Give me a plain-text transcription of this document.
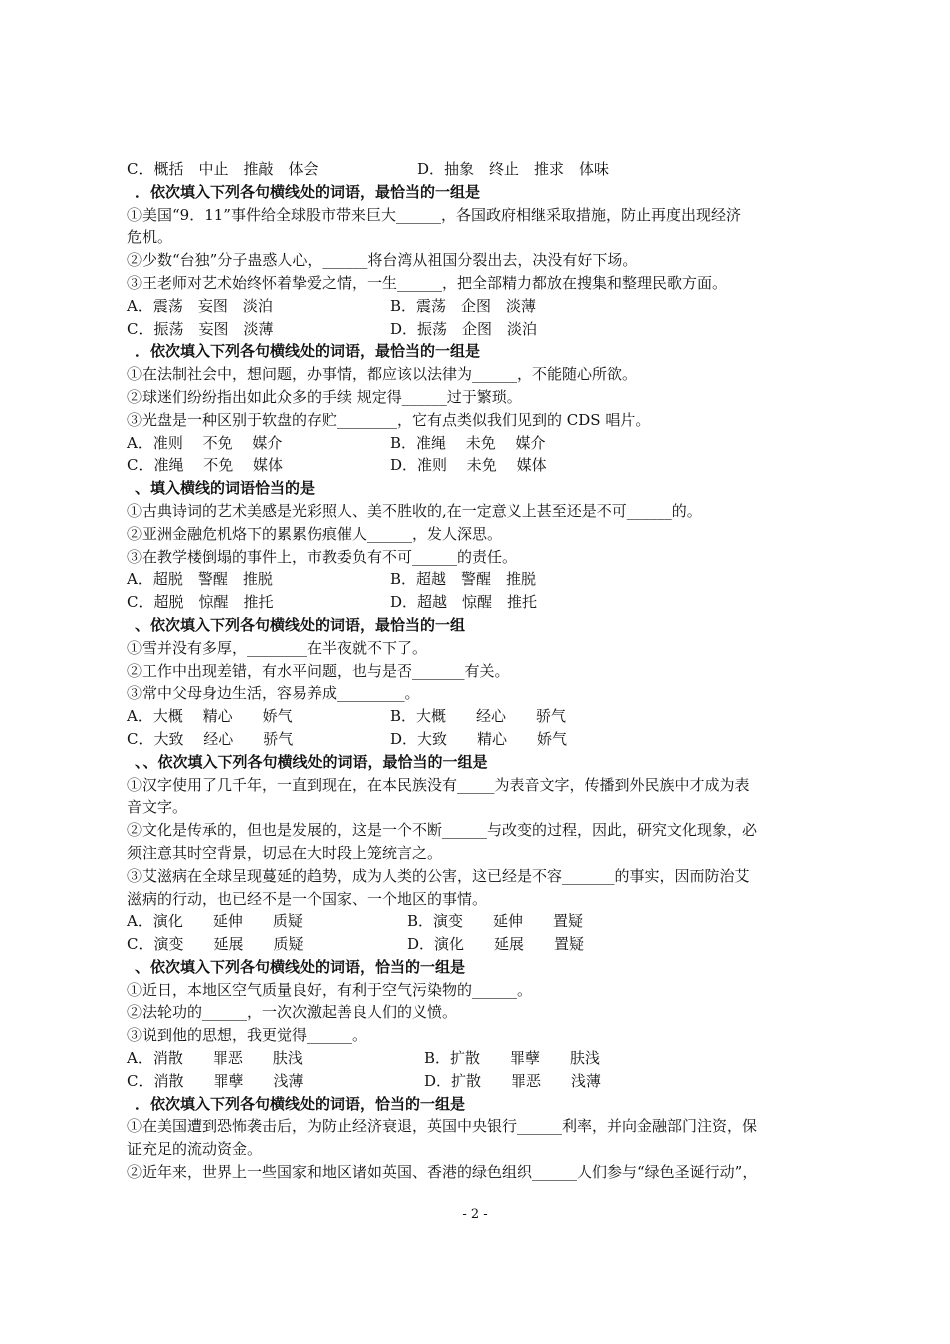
C．概括　中止　推敲　体会	D．抽象　终止　推求　体味
．依次填入下列各句横线处的词语，最恰当的一组是
①美国“9．11”事件给全球股市带来巨大______，各国政府相继采取措施，防止再度出现经济
危机。
②少数“台独”分子蛊惑人心，______将台湾从祖国分裂出去，决没有好下场。
③王老师对艺术始终怀着挚爱之情，一生______，把全部精力都放在搜集和整理民歌方面。
A．震荡　妄图　淡泊	B．震荡　企图　淡薄
C．振荡　妄图　淡薄	D．振荡　企图　淡泊
．依次填入下列各句横线处的词语，最恰当的一组是
①在法制社会中，想问题，办事情，都应该以法律为______，不能随心所欲。
②球迷们纷纷指出如此众多的手续 规定得______过于繁琐。
③光盘是一种区别于软盘的存贮________，它有点类似我们见到的 CDS 唱片。
A．准则　 不免　 媒介	B．准绳　 未免　 媒介
C．准绳　 不免　 媒体	D．准则　 未免　 媒体
、填入横线的词语恰当的是
①古典诗词的艺术美感是光彩照人、美不胜收的,在一定意义上甚至还是不可______的。
②亚洲金融危机烙下的累累伤痕催人______，发人深思。
③在教学楼倒塌的事件上，市教委负有不可______的责任。
A．超脱　警醒　推脱	B．超越　警醒　推脱
C．超脱　惊醒　推托	D．超越　惊醒　推托
、依次填入下列各句横线处的词语，最恰当的一组
①雪并没有多厚，________在半夜就不下了。
②工作中出现差错，有水平问题，也与是否_______有关。
③常中父母身边生活，容易养成_________。
A．大概　 精心　　娇气	B．大概　　经心　　骄气
C．大致　 经心　　骄气	D．大致　　精心　　娇气
、、依次填入下列各句横线处的词语，最恰当的一组是
①汉字使用了几千年，一直到现在，在本民族没有_____为表音文字，传播到外民族中才成为表
音文字。
②文化是传承的，但也是发展的，这是一个不断______与改变的过程，因此，研究文化现象，必
须注意其时空背景，切忌在大时段上笼统言之。
③艾滋病在全球呈现蔓延的趋势，成为人类的公害，这已经是不容_______的事实，因而防治艾
滋病的行动，也已经不是一个国家、一个地区的事情。
A．演化　　延伸　　质疑	B．演变　　延伸　　置疑
C．演变　　延展　　质疑	D．演化　　延展　　置疑
、依次填入下列各句横线处的词语，恰当的一组是
①近日，本地区空气质量良好，有利于空气污染物的______。
②法轮功的______，一次次激起善良人们的义愤。
③说到他的思想，我更觉得______。
A．消散　　罪恶　　肤浅	B．扩散　　罪孽　　肤浅
C．消散　　罪孽　　浅薄	D．扩散　　罪恶　　浅薄
．依次填入下列各句横线处的词语，恰当的一组是
①在美国遭到恐怖袭击后，为防止经济衰退，英国中央银行______利率，并向金融部门注资，保
证充足的流动资金。
②近年来，世界上一些国家和地区诸如英国、香港的绿色组织______人们参与“绿色圣诞行动”，
- 2 -
